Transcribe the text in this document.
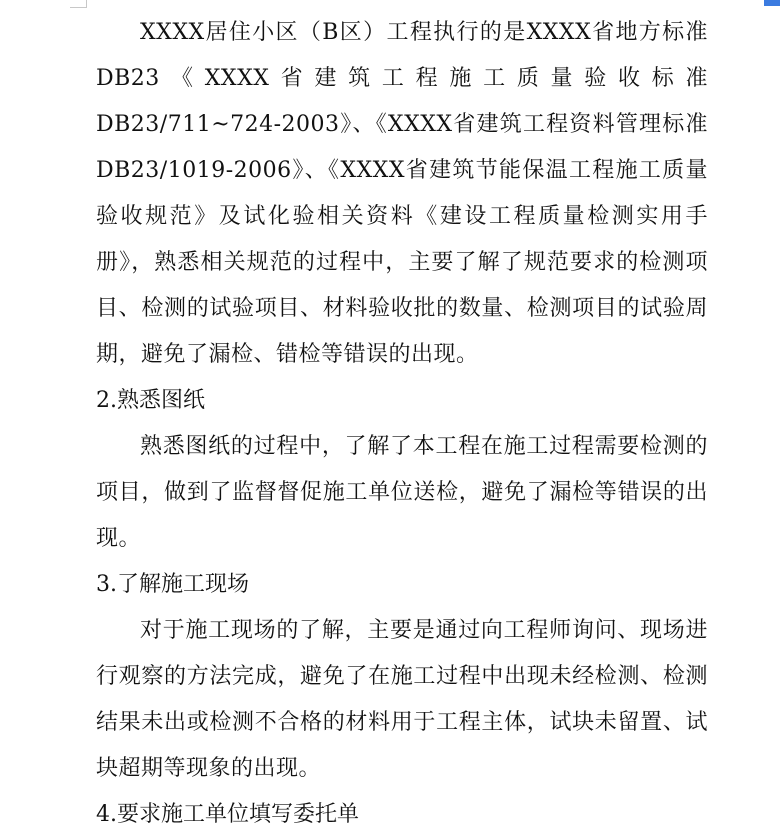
XXXX居住小区（B区）工程执行的是XXXX省地方标准DB23《XXXX省建筑工程施工质量验收标准DB23/711~724-2003》、《XXXX省建筑工程资料管理标准DB23/1019-2006》、《XXXX省建筑节能保温工程施工质量验收规范》及试化验相关资料《建设工程质量检测实用手册》，熟悉相关规范的过程中，主要了解了规范要求的检测项目、检测的试验项目、材料验收批的数量、检测项目的试验周期，避免了漏检、错检等错误的出现。

2.熟悉图纸

熟悉图纸的过程中，了解了本工程在施工过程需要检测的项目，做到了监督督促施工单位送检，避免了漏检等错误的出现。

3.了解施工现场

对于施工现场的了解，主要是通过向工程师询问、现场进行观察的方法完成，避免了在施工过程中出现未经检测、检测结果未出或检测不合格的材料用于工程主体，试块未留置、试块超期等现象的出现。

4.要求施工单位填写委托单
